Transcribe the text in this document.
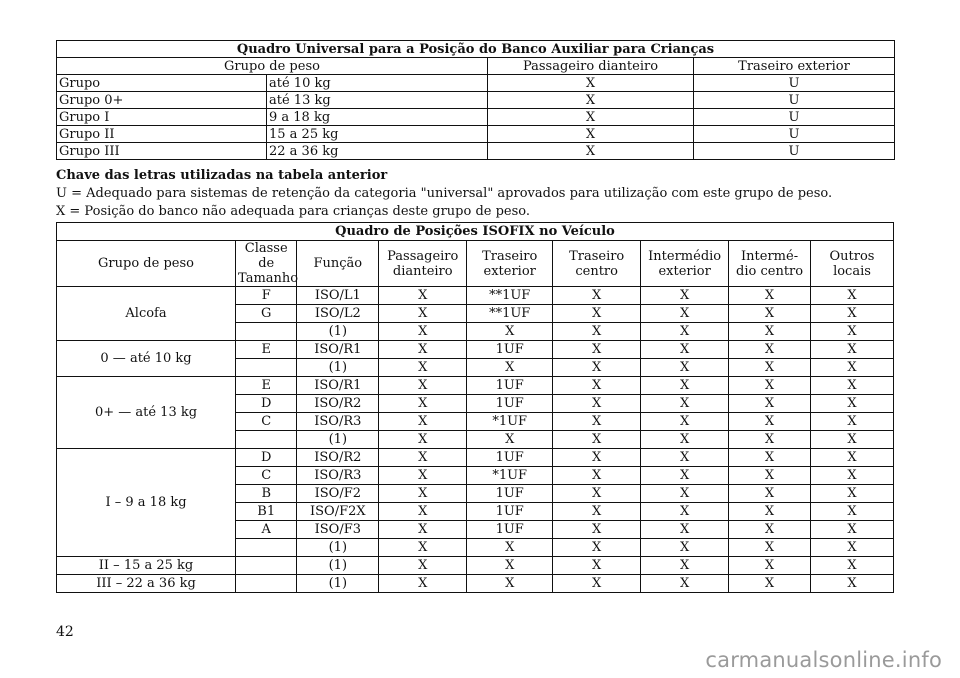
Quadro Universal para a Posição do Banco Auxiliar para Crianças			
Grupo de peso		Passageiro dianteiro	Traseiro exterior
Grupo	até 10 kg	X	U
Grupo 0+	até 13 kg	X	U
Grupo I	9 a 18 kg	X	U
Grupo II	15 a 25 kg	X	U
Grupo III	22 a 36 kg	X	U
Chave das letras utilizadas na tabela anterior
U = Adequado para sistemas de retenção da categoria "universal" aprovados para utilização com este grupo de peso.
X = Posição do banco não adequada para crianças deste grupo de peso.
Quadro de Posições ISOFIX no Veículo								
Grupo de peso	Classe de Tamanho	Função	Passageiro dianteiro	Traseiro exterior	Traseiro centro	Intermédio exterior	Intermé- dio centro	Outros locais
Alcofa	F	ISO/L1	X	**1UF	X	X	X	X
	G	ISO/L2	X	**1UF	X	X	X	X
		(1)	X	X	X	X	X	X
0 — até 10 kg	E	ISO/R1	X	1UF	X	X	X	X
		(1)	X	X	X	X	X	X
0+ — até 13 kg	E	ISO/R1	X	1UF	X	X	X	X
	D	ISO/R2	X	1UF	X	X	X	X
	C	ISO/R3	X	*1UF	X	X	X	X
		(1)	X	X	X	X	X	X
I – 9 a 18 kg	D	ISO/R2	X	1UF	X	X	X	X
	C	ISO/R3	X	*1UF	X	X	X	X
	B	ISO/F2	X	1UF	X	X	X	X
	B1	ISO/F2X	X	1UF	X	X	X	X
	A	ISO/F3	X	1UF	X	X	X	X
		(1)	X	X	X	X	X	X
II – 15 a 25 kg		(1)	X	X	X	X	X	X
III – 22 a 36 kg		(1)	X	X	X	X	X	X
42
carmanualsonline.info
